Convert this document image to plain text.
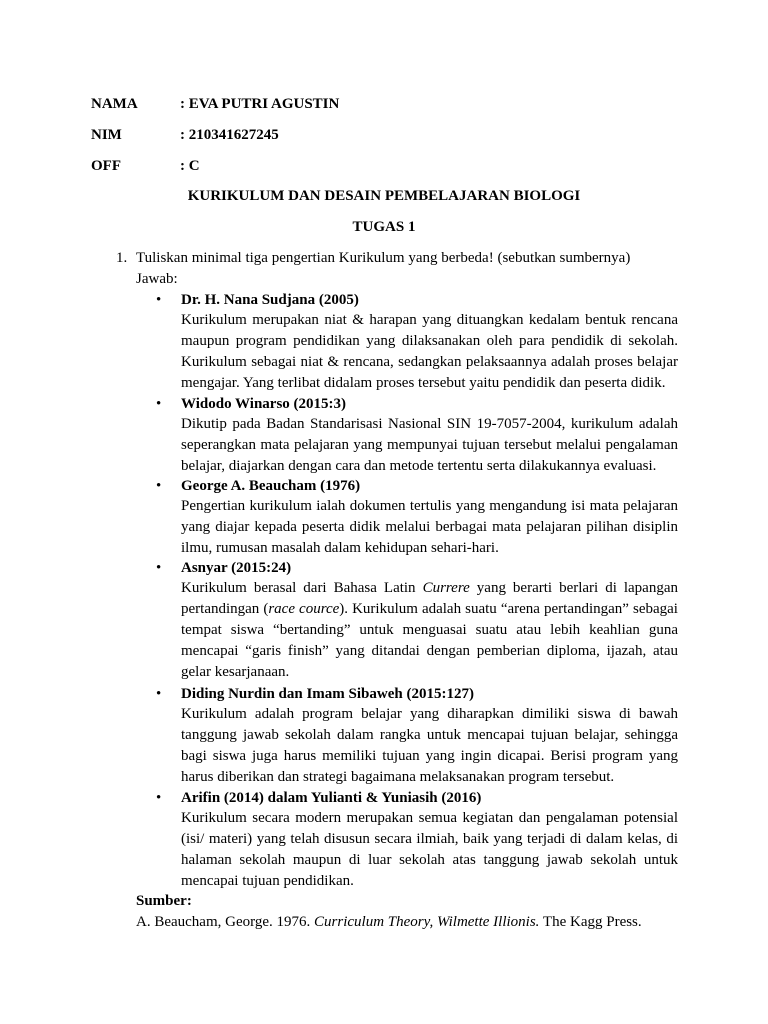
NAMA	: EVA PUTRI AGUSTIN
NIM	: 210341627245
OFF	: C
KURIKULUM DAN DESAIN PEMBELAJARAN BIOLOGI
TUGAS 1
1. Tuliskan minimal tiga pengertian Kurikulum yang berbeda! (sebutkan sumbernya)
Jawab:
• Dr. H. Nana Sudjana (2005)
Kurikulum merupakan niat & harapan yang dituangkan kedalam bentuk rencana
maupun program pendidikan yang dilaksanakan oleh para pendidik di sekolah.
Kurikulum sebagai niat & rencana, sedangkan pelaksaannya adalah proses belajar
mengajar. Yang terlibat didalam proses tersebut yaitu pendidik dan peserta didik.
• Widodo Winarso (2015:3)
Dikutip pada Badan Standarisasi Nasional SIN 19-7057-2004, kurikulum adalah
seperangkan mata pelajaran yang mempunyai tujuan tersebut melalui pengalaman
belajar, diajarkan dengan cara dan metode tertentu serta dilakukannya evaluasi.
• George A. Beaucham (1976)
Pengertian kurikulum ialah dokumen tertulis yang mengandung isi mata pelajaran
yang diajar kepada peserta didik melalui berbagai mata pelajaran pilihan disiplin
ilmu, rumusan masalah dalam kehidupan sehari-hari.
• Asnyar (2015:24)
Kurikulum berasal dari Bahasa Latin Currere yang berarti berlari di lapangan
pertandingan (race cource). Kurikulum adalah suatu “arena pertandingan” sebagai
tempat siswa “bertanding” untuk menguasai suatu atau lebih keahlian guna
mencapai “garis finish” yang ditandai dengan pemberian diploma, ijazah, atau
gelar kesarjanaan.
• Diding Nurdin dan Imam Sibaweh (2015:127)
Kurikulum adalah program belajar yang diharapkan dimiliki siswa di bawah
tanggung jawab sekolah dalam rangka untuk mencapai tujuan belajar, sehingga
bagi siswa juga harus memiliki tujuan yang ingin dicapai. Berisi program yang
harus diberikan dan strategi bagaimana melaksanakan program tersebut.
• Arifin (2014) dalam Yulianti & Yuniasih (2016)
Kurikulum secara modern merupakan semua kegiatan dan pengalaman potensial
(isi/ materi) yang telah disusun secara ilmiah, baik yang terjadi di dalam kelas, di
halaman sekolah maupun di luar sekolah atas tanggung jawab sekolah untuk
mencapai tujuan pendidikan.
Sumber:
A. Beaucham, George. 1976. Curriculum Theory, Wilmette Illionis. The Kagg Press.
